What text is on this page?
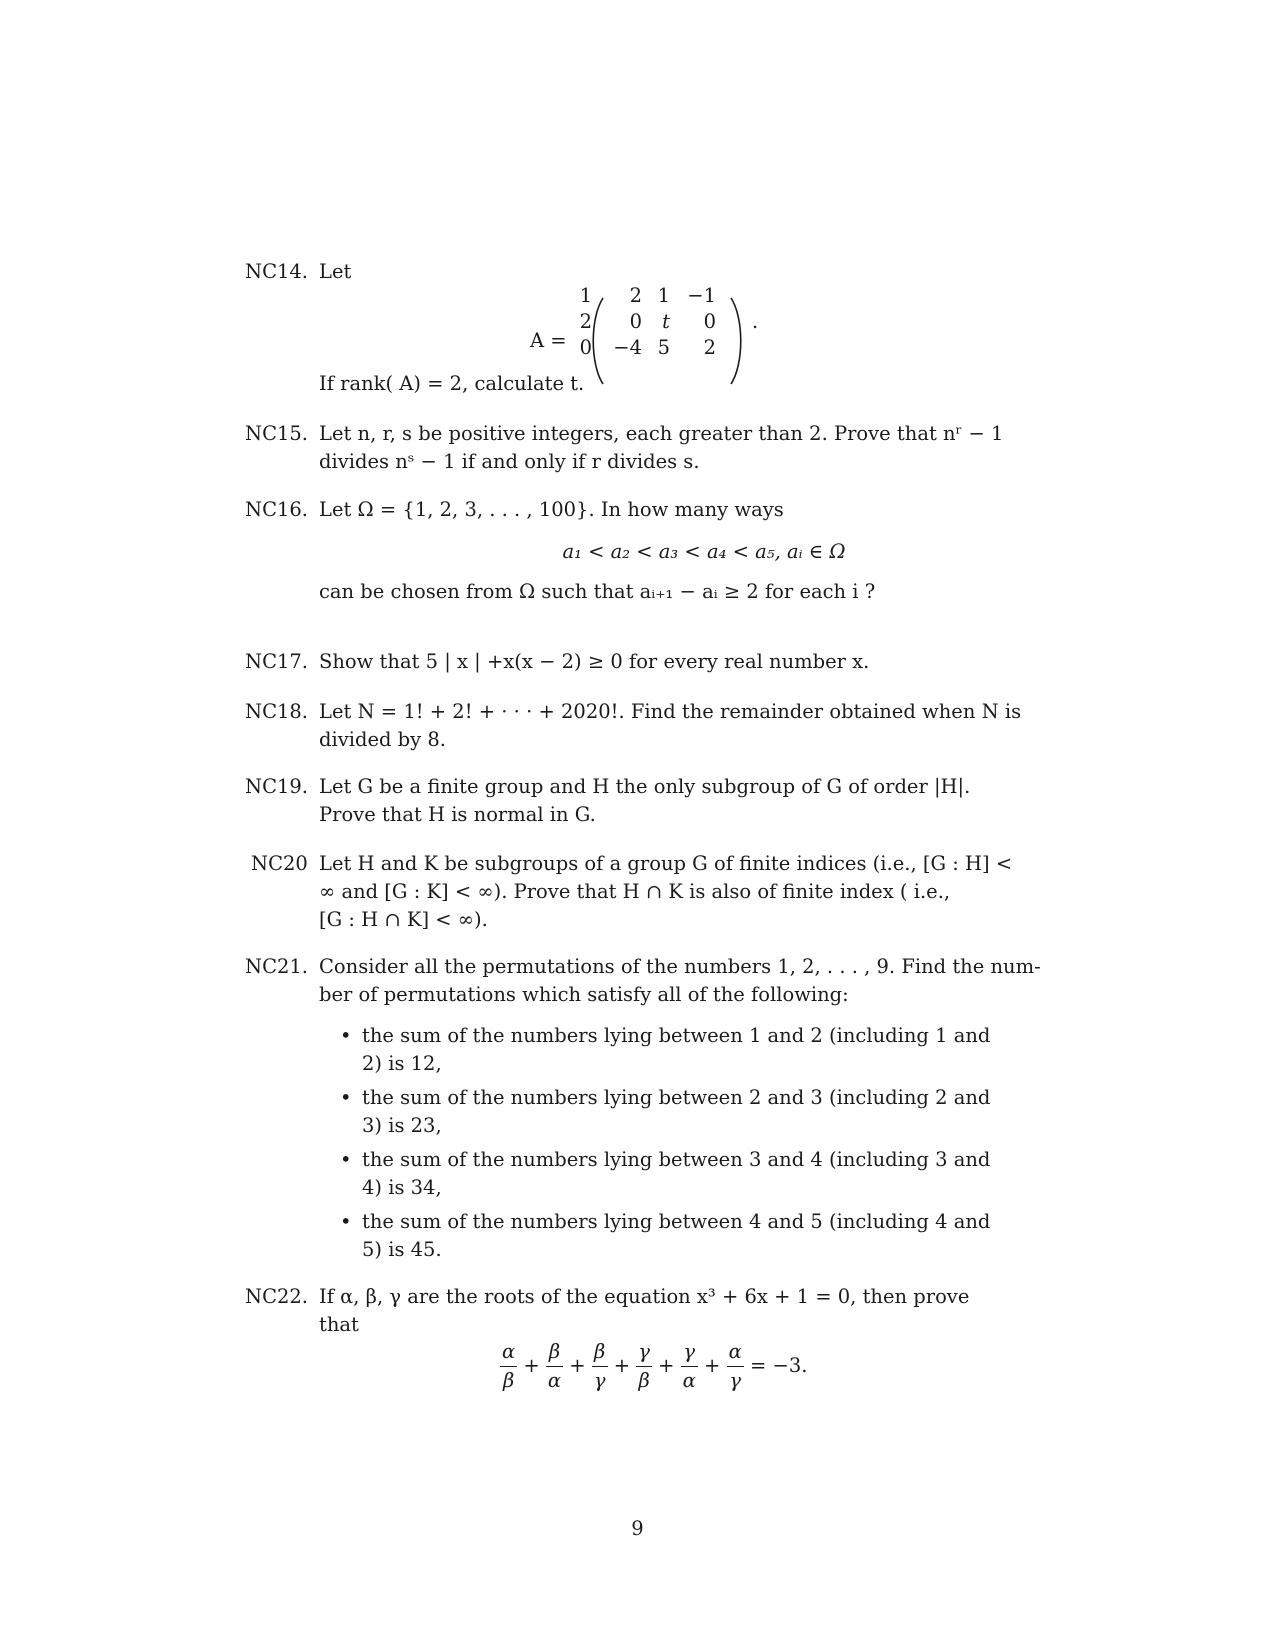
NC14. Let
A =
1	2 1 −1
2	0	t	0
0	−4 5	2
.
If rank( A) = 2, calculate t.
NC15. Let n, r, s be positive integers, each greater than 2. Prove that nʳ − 1
divides nˢ − 1 if and only if r divides s.
NC16. Let Ω = {1, 2, 3, . . . , 100}. In how many ways
a₁ < a₂ < a₃ < a₄ < a₅, aᵢ ∈ Ω
can be chosen from Ω such that aᵢ₊₁ − aᵢ ≥ 2 for each i ?
NC17. Show that 5 | x | +x(x − 2) ≥ 0 for every real number x.
NC18. Let N = 1! + 2! + · · · + 2020!. Find the remainder obtained when N is
divided by 8.
NC19. Let G be a finite group and H the only subgroup of G of order |H|.
Prove that H is normal in G.
NC20 Let H and K be subgroups of a group G of finite indices (i.e., [G : H] <
∞ and [G : K] < ∞). Prove that H ∩ K is also of finite index ( i.e.,
[G : H ∩ K] < ∞).
NC21. Consider all the permutations of the numbers 1, 2, . . . , 9. Find the num-
ber of permutations which satisfy all of the following:
• the sum of the numbers lying between 1 and 2 (including 1 and
2) is 12,
• the sum of the numbers lying between 2 and 3 (including 2 and
3) is 23,
• the sum of the numbers lying between 3 and 4 (including 3 and
4) is 34,
• the sum of the numbers lying between 4 and 5 (including 4 and
5) is 45.
NC22. If α, β, γ are the roots of the equation x³ + 6x + 1 = 0, then prove
that
$\frac{\alpha}{\beta} + \frac{\beta}{\alpha} + \frac{\beta}{\gamma} + \frac{\gamma}{\beta} + \frac{\gamma}{\alpha} + \frac{\alpha}{\gamma} = -3$.
9
